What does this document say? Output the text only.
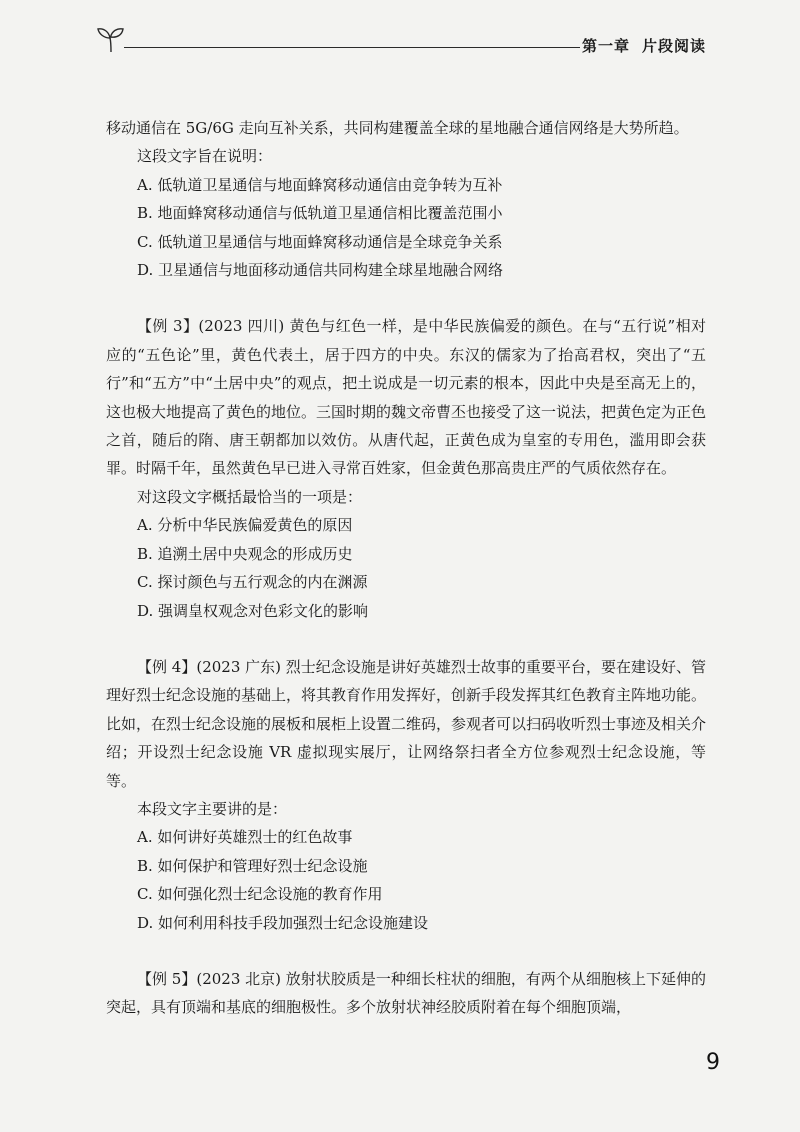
第一章 片段阅读

移动通信在 5G/6G 走向互补关系，共同构建覆盖全球的星地融合通信网络是大势所趋。

这段文字旨在说明：

A. 低轨道卫星通信与地面蜂窝移动通信由竞争转为互补

B. 地面蜂窝移动通信与低轨道卫星通信相比覆盖范围小

C. 低轨道卫星通信与地面蜂窝移动通信是全球竞争关系

D. 卫星通信与地面移动通信共同构建全球星地融合网络

【例 3】(2023 四川) 黄色与红色一样，是中华民族偏爱的颜色。在与“五行说”相对应的“五色论”里，黄色代表土，居于四方的中央。东汉的儒家为了抬高君权，突出了“五行”和“五方”中“土居中央”的观点，把土说成是一切元素的根本，因此中央是至高无上的，这也极大地提高了黄色的地位。三国时期的魏文帝曹丕也接受了这一说法，把黄色定为正色之首，随后的隋、唐王朝都加以效仿。从唐代起，正黄色成为皇室的专用色，滥用即会获罪。时隔千年，虽然黄色早已进入寻常百姓家，但金黄色那高贵庄严的气质依然存在。

对这段文字概括最恰当的一项是：

A. 分析中华民族偏爱黄色的原因

B. 追溯土居中央观念的形成历史

C. 探讨颜色与五行观念的内在渊源

D. 强调皇权观念对色彩文化的影响

【例 4】(2023 广东) 烈士纪念设施是讲好英雄烈士故事的重要平台，要在建设好、管理好烈士纪念设施的基础上，将其教育作用发挥好，创新手段发挥其红色教育主阵地功能。比如，在烈士纪念设施的展板和展柜上设置二维码，参观者可以扫码收听烈士事迹及相关介绍；开设烈士纪念设施 VR 虚拟现实展厅，让网络祭扫者全方位参观烈士纪念设施，等等。

本段文字主要讲的是：

A. 如何讲好英雄烈士的红色故事

B. 如何保护和管理好烈士纪念设施

C. 如何强化烈士纪念设施的教育作用

D. 如何利用科技手段加强烈士纪念设施建设

【例 5】(2023 北京) 放射状胶质是一种细长柱状的细胞，有两个从细胞核上下延伸的突起，具有顶端和基底的细胞极性。多个放射状神经胶质附着在每个细胞顶端，

9
